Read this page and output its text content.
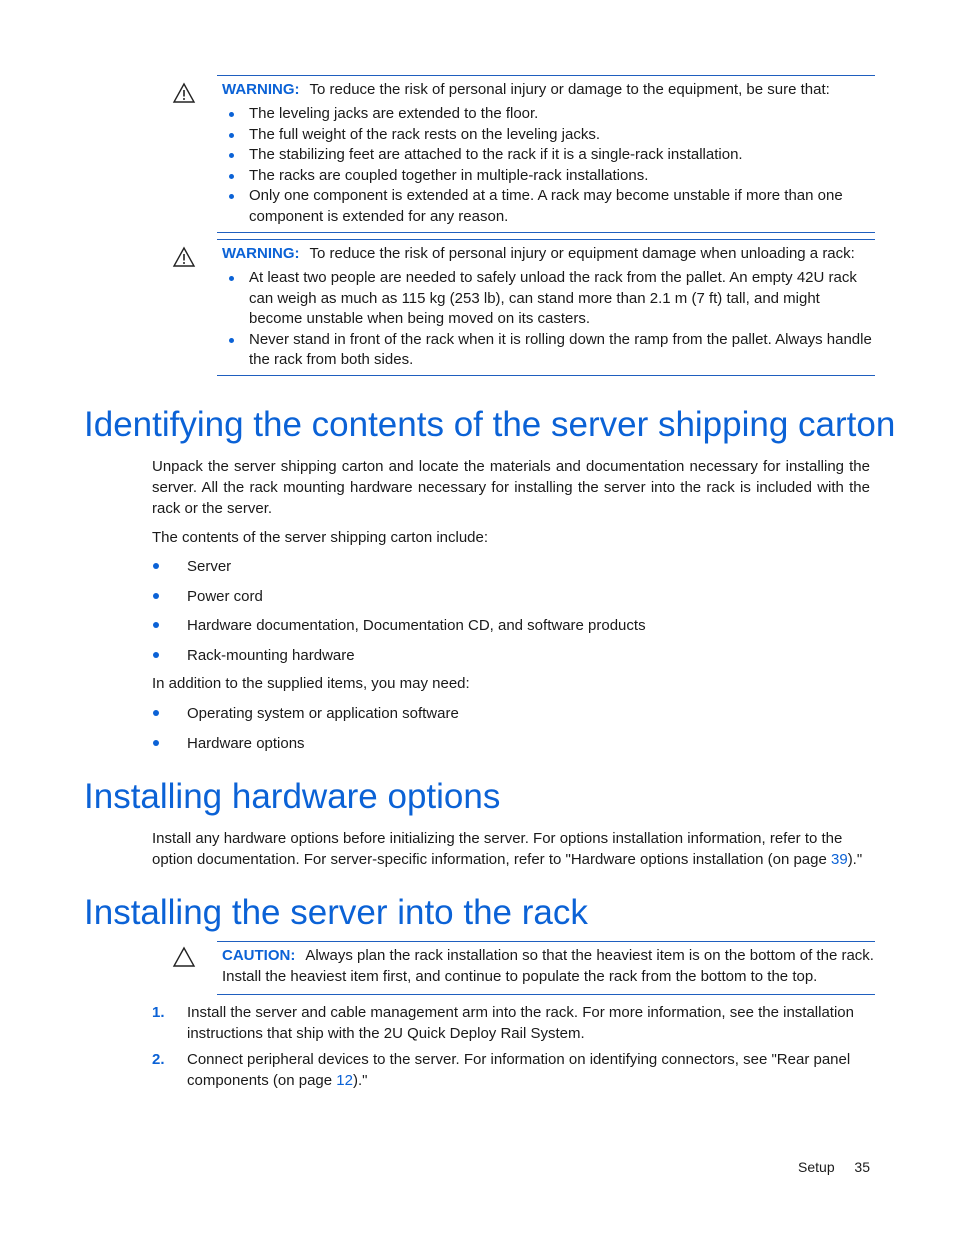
WARNING: To reduce the risk of personal injury or damage to the equipment, be sure that:

The leveling jacks are extended to the floor.
The full weight of the rack rests on the leveling jacks.
The stabilizing feet are attached to the rack if it is a single-rack installation.
The racks are coupled together in multiple-rack installations.
Only one component is extended at a time. A rack may become unstable if more than one component is extended for any reason.

WARNING: To reduce the risk of personal injury or equipment damage when unloading a rack:

At least two people are needed to safely unload the rack from the pallet. An empty 42U rack can weigh as much as 115 kg (253 lb), can stand more than 2.1 m (7 ft) tall, and might become unstable when being moved on its casters.
Never stand in front of the rack when it is rolling down the ramp from the pallet. Always handle the rack from both sides.
Identifying the contents of the server shipping carton

Unpack the server shipping carton and locate the materials and documentation necessary for installing the server. All the rack mounting hardware necessary for installing the server into the rack is included with the rack or the server.

The contents of the server shipping carton include:

Server
Power cord
Hardware documentation, Documentation CD, and software products
Rack-mounting hardware

In addition to the supplied items, you may need:

Operating system or application software
Hardware options
Installing hardware options

Install any hardware options before initializing the server. For options installation information, refer to the option documentation. For server-specific information, refer to "Hardware options installation (on page 39)."

Installing the server into the rack

CAUTION: Always plan the rack installation so that the heaviest item is on the bottom of the rack. Install the heaviest item first, and continue to populate the rack from the bottom to the top.

1. Install the server and cable management arm into the rack. For more information, see the installation instructions that ship with the 2U Quick Deploy Rail System.
2. Connect peripheral devices to the server. For information on identifying connectors, see "Rear panel components (on page 12)."
Setup 35
